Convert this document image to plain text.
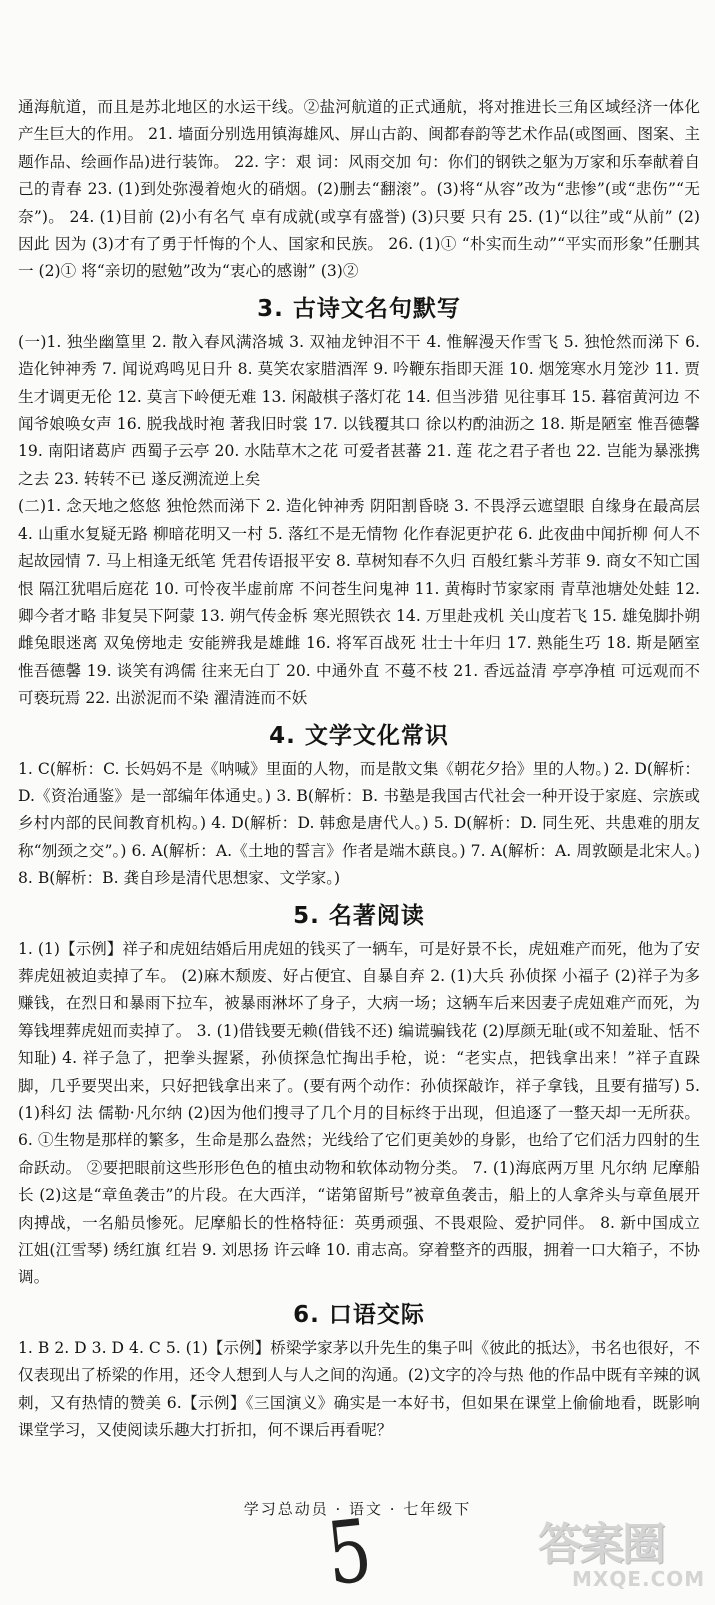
通海航道，而且是苏北地区的水运干线。②盐河航道的正式通航，将对推进长三角区域经济一体化产生巨大的作用。 21. 墙面分别选用镇海雄风、屏山古韵、闽都春韵等艺术作品(或图画、图案、主题作品、绘画作品)进行装饰。 22. 字：艰 词：风雨交加 句：你们的钢铁之躯为万家和乐奉献着自己的青春 23. (1)到处弥漫着炮火的硝烟。(2)删去“翻滚”。(3)将“从容”改为“悲惨”(或“悲伤”“无奈”)。 24. (1)目前 (2)小有名气 卓有成就(或享有盛誉) (3)只要 只有 25. (1)“以往”或“从前” (2)因此 因为 (3)才有了勇于忏悔的个人、国家和民族。 26. (1)① “朴实而生动”“平实而形象”任删其一 (2)① 将“亲切的慰勉”改为“衷心的感谢” (3)②

3. 古诗文名句默写

(一)1. 独坐幽篁里 2. 散入春风满洛城 3. 双袖龙钟泪不干 4. 惟解漫天作雪飞 5. 独怆然而涕下 6. 造化钟神秀 7. 闻说鸡鸣见日升 8. 莫笑农家腊酒浑 9. 吟鞭东指即天涯 10. 烟笼寒水月笼沙 11. 贾生才调更无伦 12. 莫言下岭便无难 13. 闲敲棋子落灯花 14. 但当涉猎 见往事耳 15. 暮宿黄河边 不闻爷娘唤女声 16. 脱我战时袍 著我旧时裳 17. 以钱覆其口 徐以杓酌油沥之 18. 斯是陋室 惟吾德馨 19. 南阳诸葛庐 西蜀子云亭 20. 水陆草木之花 可爱者甚蕃 21. 莲 花之君子者也 22. 岂能为暴涨携之去 23. 转转不已 遂反溯流逆上矣

(二)1. 念天地之悠悠 独怆然而涕下 2. 造化钟神秀 阴阳割昏晓 3. 不畏浮云遮望眼 自缘身在最高层 4. 山重水复疑无路 柳暗花明又一村 5. 落红不是无情物 化作春泥更护花 6. 此夜曲中闻折柳 何人不起故园情 7. 马上相逢无纸笔 凭君传语报平安 8. 草树知春不久归 百般红紫斗芳菲 9. 商女不知亡国恨 隔江犹唱后庭花 10. 可怜夜半虚前席 不问苍生问鬼神 11. 黄梅时节家家雨 青草池塘处处蛙 12. 卿今者才略 非复吴下阿蒙 13. 朔气传金柝 寒光照铁衣 14. 万里赴戎机 关山度若飞 15. 雄兔脚扑朔 雌兔眼迷离 双兔傍地走 安能辨我是雄雌 16. 将军百战死 壮士十年归 17. 熟能生巧 18. 斯是陋室 惟吾德馨 19. 谈笑有鸿儒 往来无白丁 20. 中通外直 不蔓不枝 21. 香远益清 亭亭净植 可远观而不可亵玩焉 22. 出淤泥而不染 濯清涟而不妖

4. 文学文化常识

1. C(解析：C. 长妈妈不是《呐喊》里面的人物，而是散文集《朝花夕拾》里的人物。) 2. D(解析：D.《资治通鉴》是一部编年体通史。) 3. B(解析：B. 书塾是我国古代社会一种开设于家庭、宗族或乡村内部的民间教育机构。) 4. D(解析：D. 韩愈是唐代人。) 5. D(解析：D. 同生死、共患难的朋友称“刎颈之交”。) 6. A(解析：A.《土地的誓言》作者是端木蕻良。) 7. A(解析：A. 周敦颐是北宋人。) 8. B(解析：B. 龚自珍是清代思想家、文学家。)

5. 名著阅读

1. (1)【示例】祥子和虎妞结婚后用虎妞的钱买了一辆车，可是好景不长，虎妞难产而死，他为了安葬虎妞被迫卖掉了车。 (2)麻木颓废、好占便宜、自暴自弃 2. (1)大兵 孙侦探 小福子 (2)祥子为多赚钱，在烈日和暴雨下拉车，被暴雨淋坏了身子，大病一场；这辆车后来因妻子虎妞难产而死，为筹钱埋葬虎妞而卖掉了。 3. (1)借钱要无赖(借钱不还) 编谎骗钱花 (2)厚颜无耻(或不知羞耻、恬不知耻) 4. 祥子急了，把拳头握紧，孙侦探急忙掏出手枪，说：“老实点，把钱拿出来！”祥子直跺脚，几乎要哭出来，只好把钱拿出来了。(要有两个动作：孙侦探敲诈，祥子拿钱，且要有描写) 5. (1)科幻 法 儒勒·凡尔纳 (2)因为他们搜寻了几个月的目标终于出现，但追逐了一整天却一无所获。 6. ①生物是那样的繁多，生命是那么盎然；光线给了它们更美妙的身影，也给了它们活力四射的生命跃动。 ②要把眼前这些形形色色的植虫动物和软体动物分类。 7. (1)海底两万里 凡尔纳 尼摩船长 (2)这是“章鱼袭击”的片段。在大西洋，“诺第留斯号”被章鱼袭击，船上的人拿斧头与章鱼展开肉搏战，一名船员惨死。尼摩船长的性格特征：英勇顽强、不畏艰险、爱护同伴。 8. 新中国成立 江姐(江雪琴) 绣红旗 红岩 9. 刘思扬 许云峰 10. 甫志高。穿着整齐的西服，拥着一口大箱子，不协调。

6. 口语交际

1. B 2. D 3. D 4. C 5. (1)【示例】桥梁学家茅以升先生的集子叫《彼此的抵达》，书名也很好，不仅表现出了桥梁的作用，还令人想到人与人之间的沟通。(2)文字的冷与热 他的作品中既有辛辣的讽刺，又有热情的赞美 6.【示例】《三国演义》确实是一本好书，但如果在课堂上偷偷地看，既影响课堂学习，又使阅读乐趣大打折扣，何不课后再看呢？

学习总动员 · 语文 · 七年级下
5	答案圈
MXQE.COM
